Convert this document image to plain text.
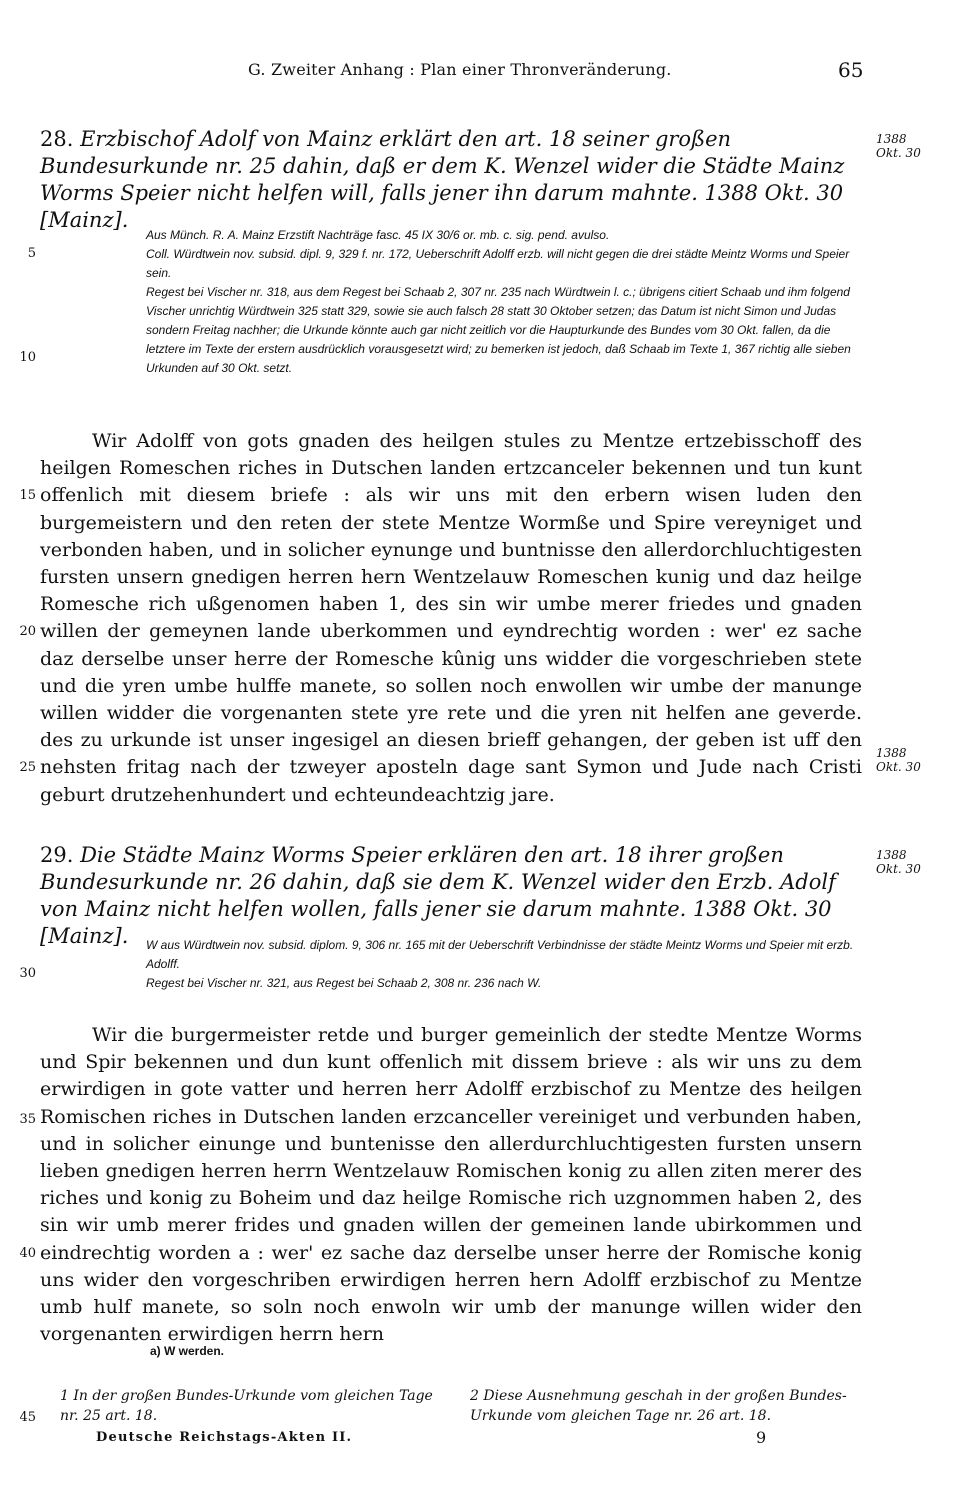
G. Zweiter Anhang : Plan einer Thronveränderung.	65
28. Erzbischof Adolf von Mainz erklärt den art. 18 seiner großen Bundesurkunde nr. 25 dahin, daß er dem K. Wenzel wider die Städte Mainz Worms Speier nicht helfen will, falls jener ihn darum mahnte. 1388 Okt. 30 [Mainz].
1388
Okt. 30

Aus Münch. R. A. Mainz Erzstift Nachträge fasc. 45 IX 30/6 or. mb. c. sig. pend. avulso.

Coll. Würdtwein nov. subsid. dipl. 9, 329 f. nr. 172, Ueberschrift Adolff erzb. will nicht gegen die drei städte Meintz Worms und Speier sein.

Regest bei Vischer nr. 318, aus dem Regest bei Schaab 2, 307 nr. 235 nach Würdtwein l. c.; übrigens citiert Schaab und ihm folgend Vischer unrichtig Würdtwein 325 statt 329, sowie sie auch falsch 28 statt 30 Oktober setzen; das Datum ist nicht Simon und Judas sondern Freitag nachher; die Urkunde könnte auch gar nicht zeitlich vor die Haupturkunde des Bundes vom 30 Okt. fallen, da die letztere im Texte der erstern ausdrücklich vorausgesetzt wird; zu bemerken ist jedoch, daß Schaab im Texte 1, 367 richtig alle sieben Urkunden auf 30 Okt. setzt.

Wir Adolff von gots gnaden des heilgen stules zu Mentze ertzebisschoff des heilgen Romeschen riches in Dutschen landen ertzcanceler bekennen und tun kunt offenlich mit diesem briefe : als wir uns mit den erbern wisen luden den burgemeistern und den reten der stete Mentze Wormße und Spire vereyniget und verbonden haben, und in solicher eynunge und buntnisse den allerdorchluchtigesten fursten unsern gnedigen herren hern Wentzelauw Romeschen kunig und daz heilge Romesche rich ußgenomen haben 1, des sin wir umbe merer friedes und gnaden willen der gemeynen lande uberkommen und eyndrechtig worden : wer' ez sache daz derselbe unser herre der Romesche kûnig uns widder die vorgeschrieben stete und die yren umbe hulffe manete, so sollen noch enwollen wir umbe der manunge willen widder die vorgenanten stete yre rete und die yren nit helfen ane geverde. des zu urkunde ist unser ingesigel an diesen brieff gehangen, der geben ist uff den nehsten fritag nach der tzweyer aposteln dage sant Symon und Jude nach Cristi geburt drutzehenhundert und echteundeachtzig jare.

1388
Okt. 30
29. Die Städte Mainz Worms Speier erklären den art. 18 ihrer großen Bundesurkunde nr. 26 dahin, daß sie dem K. Wenzel wider den Erzb. Adolf von Mainz nicht helfen wollen, falls jener sie darum mahnte. 1388 Okt. 30 [Mainz].
1388
Okt. 30

W aus Würdtwein nov. subsid. diplom. 9, 306 nr. 165 mit der Ueberschrift Verbindnisse der städte Meintz Worms und Speier mit erzb. Adolff.

Regest bei Vischer nr. 321, aus Regest bei Schaab 2, 308 nr. 236 nach W.

Wir die burgermeister retde und burger gemeinlich der stedte Mentze Worms und Spir bekennen und dun kunt offenlich mit dissem brieve : als wir uns zu dem erwirdigen in gote vatter und herren herr Adolff erzbischof zu Mentze des heilgen Romischen riches in Dutschen landen erzcanceller vereiniget und verbunden haben, und in solicher einunge und buntenisse den allerdurchluchtigesten fursten unsern lieben gnedigen herren herrn Wentzelauw Romischen konig zu allen ziten merer des riches und konig zu Boheim und daz heilge Romische rich uzgnommen haben 2, des sin wir umb merer frides und gnaden willen der gemeinen lande ubirkommen und eindrechtig worden a : wer' ez sache daz derselbe unser herre der Romische konig uns wider den vorgeschriben erwirdigen herren hern Adolff erzbischof zu Mentze umb hulf manete, so soln noch enwoln wir umb der manunge willen wider den vorgenanten erwirdigen herrn hern

5
10
15
20
25
30
35
40
45
a) W werden.
1 In der großen Bundes-Urkunde vom gleichen Tage nr. 25 art. 18.
2 Diese Ausnehmung geschah in der großen Bundes-Urkunde vom gleichen Tage nr. 26 art. 18.
Deutsche Reichstags-Akten II.	9
